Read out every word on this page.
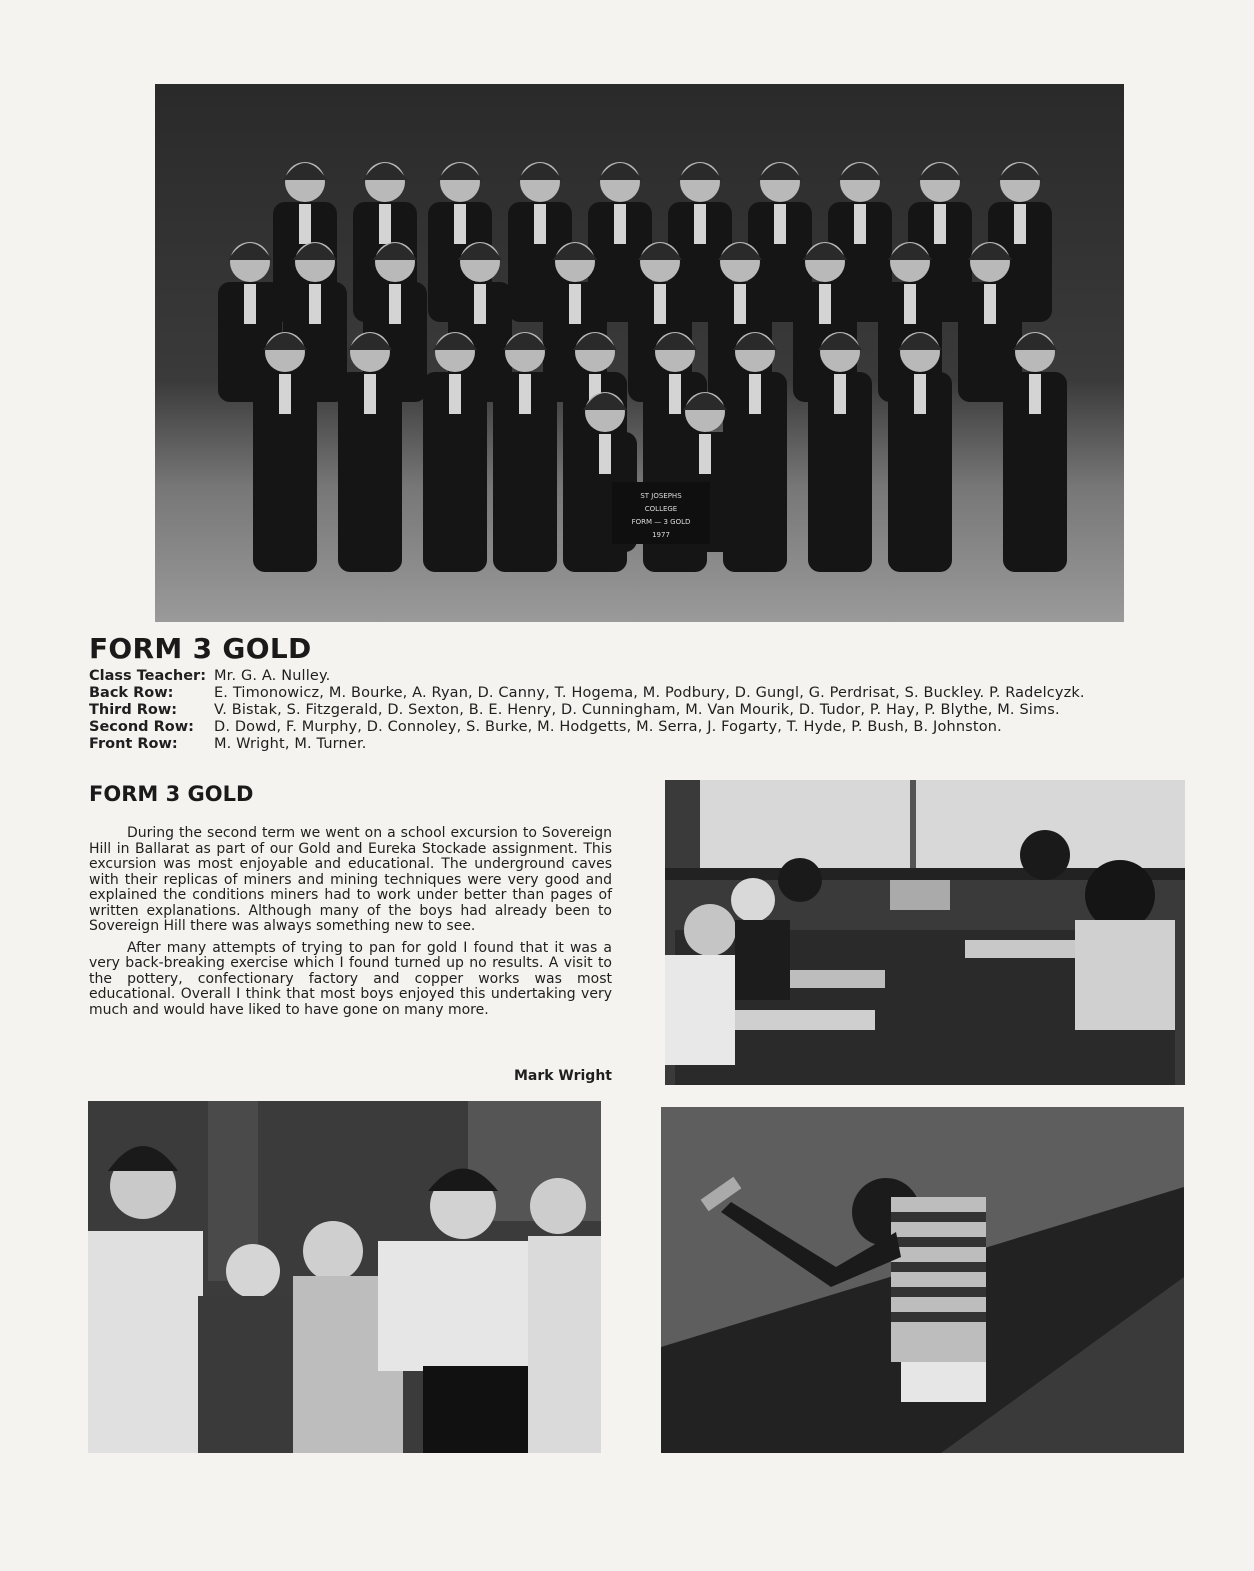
ST JOSEPHS
COLLEGE
FORM — 3 GOLD
1977
FORM 3 GOLD
Class Teacher: Mr. G. A. Nulley.
Back Row:	E. Timonowicz, M. Bourke, A. Ryan, D. Canny, T. Hogema, M. Podbury, D. Gungl, G. Perdrisat, S. Buckley. P. Radelcyzk.
Third Row:	V. Bistak, S. Fitzgerald, D. Sexton, B. E. Henry, D. Cunningham, M. Van Mourik, D. Tudor, P. Hay, P. Blythe, M. Sims.
Second Row:	D. Dowd, F. Murphy, D. Connoley, S. Burke, M. Hodgetts, M. Serra, J. Fogarty, T. Hyde, P. Bush, B. Johnston.
Front Row:	M. Wright, M. Turner.
FORM 3 GOLD

During the second term we went on a school excursion to Sovereign Hill in Ballarat as part of our Gold and Eureka Stockade assignment. This excursion was most enjoyable and educational. The underground caves with their replicas of miners and mining techniques were very good and explained the conditions miners had to work under better than pages of written explanations. Although many of the boys had already been to Sovereign Hill there was always something new to see.

After many attempts of trying to pan for gold I found that it was a very back-breaking exercise which I found turned up no results. A visit to the pottery, confectionary factory and copper works was most educational. Overall I think that most boys enjoyed this undertaking very much and would have liked to have gone on many more.

Mark Wright
